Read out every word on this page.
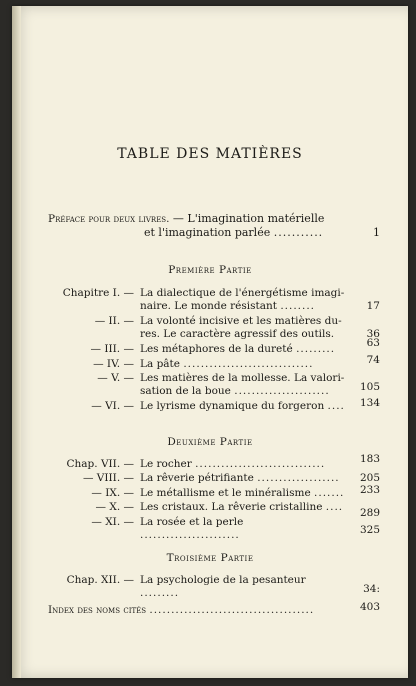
TABLE DES MATIÈRES
Préface pour deux livres. — L'imagination matérielle
et l'imagination parlée ...........	1
Première Partie
Chapitre I. — La dialectique de l'énergétisme imagi-
naire. Le monde résistant ........	17
— II. — La volonté incisive et les matières du-
res. Le caractère agressif des outils.	36
— III. — Les métaphores de la dureté .........	63
— IV. — La pâte ..............................	74
— V. — Les matières de la mollesse. La valori-
sation de la boue ......................	105
— VI. — Le lyrisme dynamique du forgeron ....	134
Deuxième Partie
Chap. VII. — Le rocher ..............................	183
— VIII. — La rêverie pétrifiante ...................	205
— IX. — Le métallisme et le minéralisme .......	233
— X. — Les cristaux. La rêverie cristalline ....	289
— XI. — La rosée et la perle .......................	325
Troisième Partie
Chap. XII. — La psychologie de la pesanteur .........	34:
Index des noms cités ......................................	403
